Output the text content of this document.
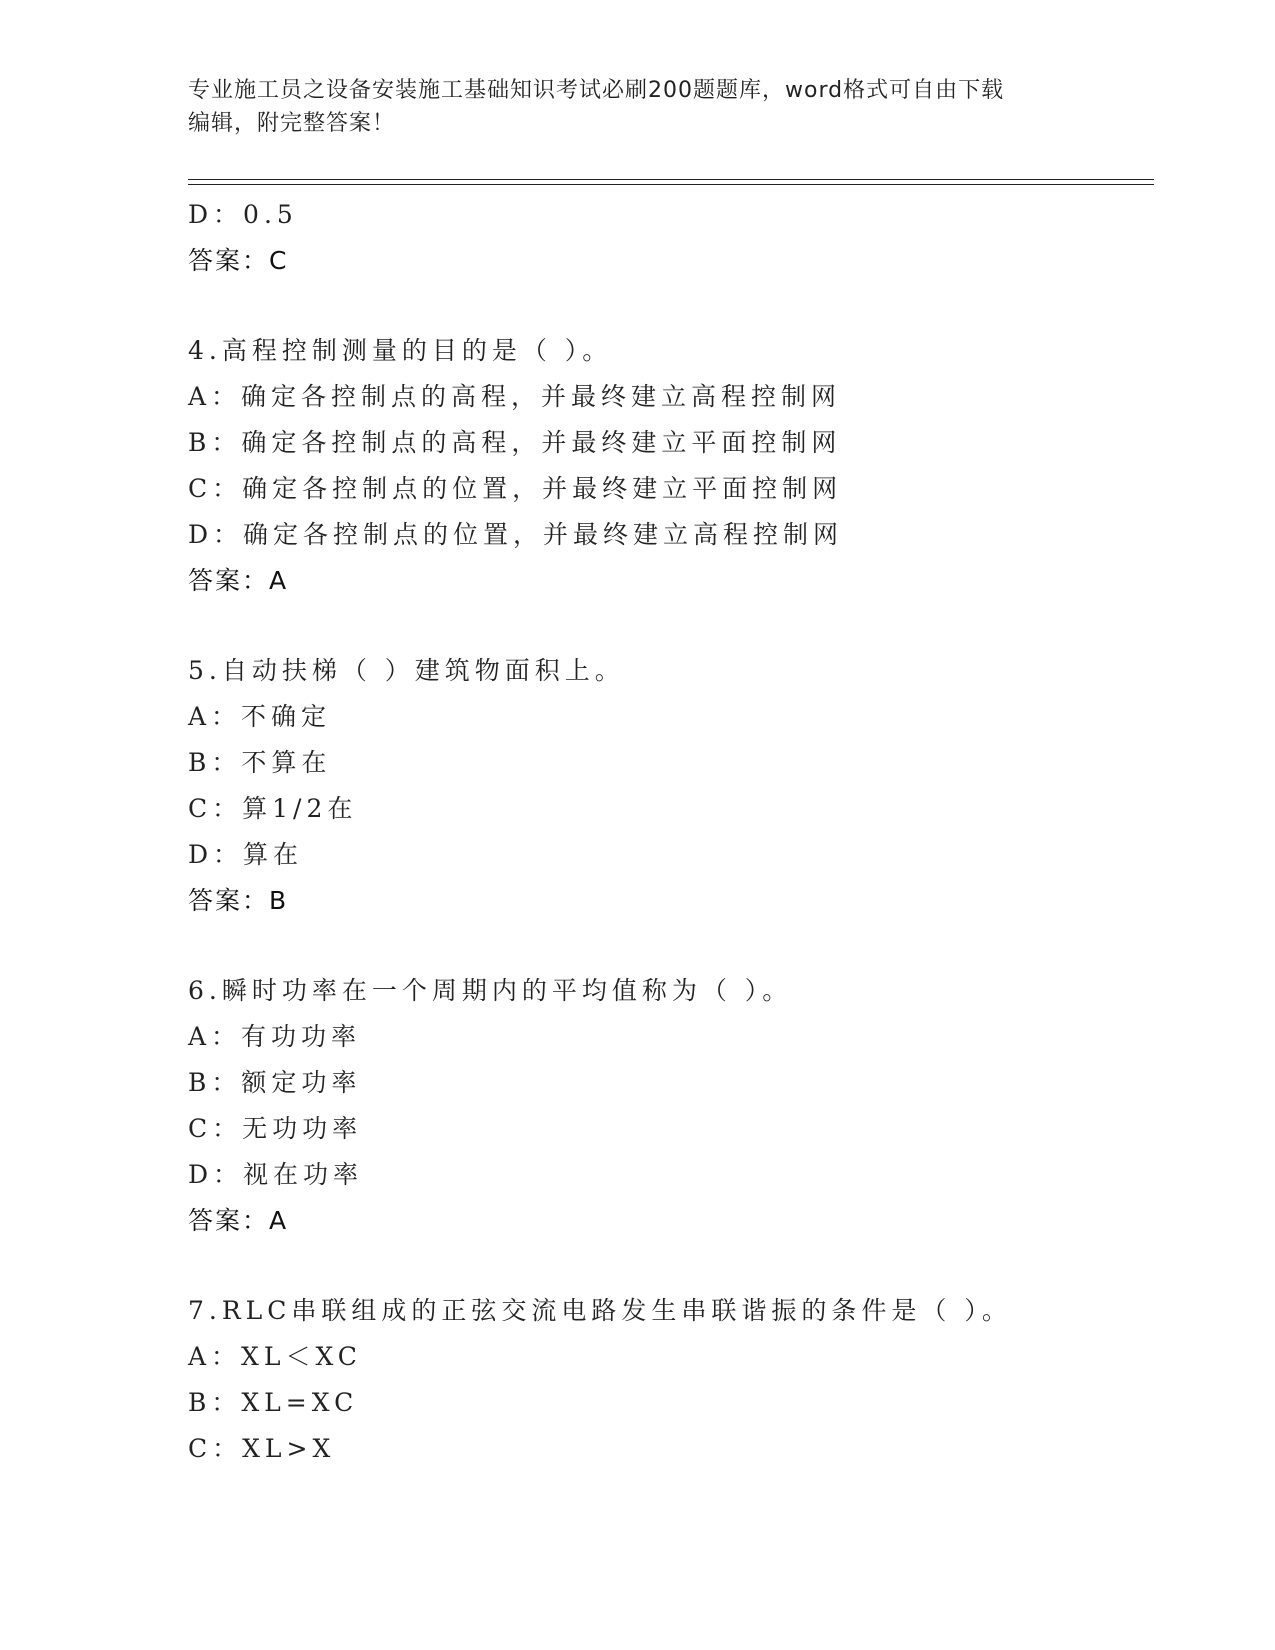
专业施工员之设备安装施工基础知识考试必刷200题题库，word格式可自由下载
编辑，附完整答案！
D：0.5
答案：C
4.高程控制测量的目的是（ ）。
A：确定各控制点的高程，并最终建立高程控制网
B：确定各控制点的高程，并最终建立平面控制网
C：确定各控制点的位置，并最终建立平面控制网
D：确定各控制点的位置，并最终建立高程控制网
答案：A
5.自动扶梯（ ）建筑物面积上。
A：不确定
B：不算在
C：算1/2在
D：算在
答案：B
6.瞬时功率在一个周期内的平均值称为（ ）。
A：有功功率
B：额定功率
C：无功功率
D：视在功率
答案：A
7.RLC串联组成的正弦交流电路发生串联谐振的条件是（ ）。
A：XL＜XC
B：XL=XC
C：XL>X
